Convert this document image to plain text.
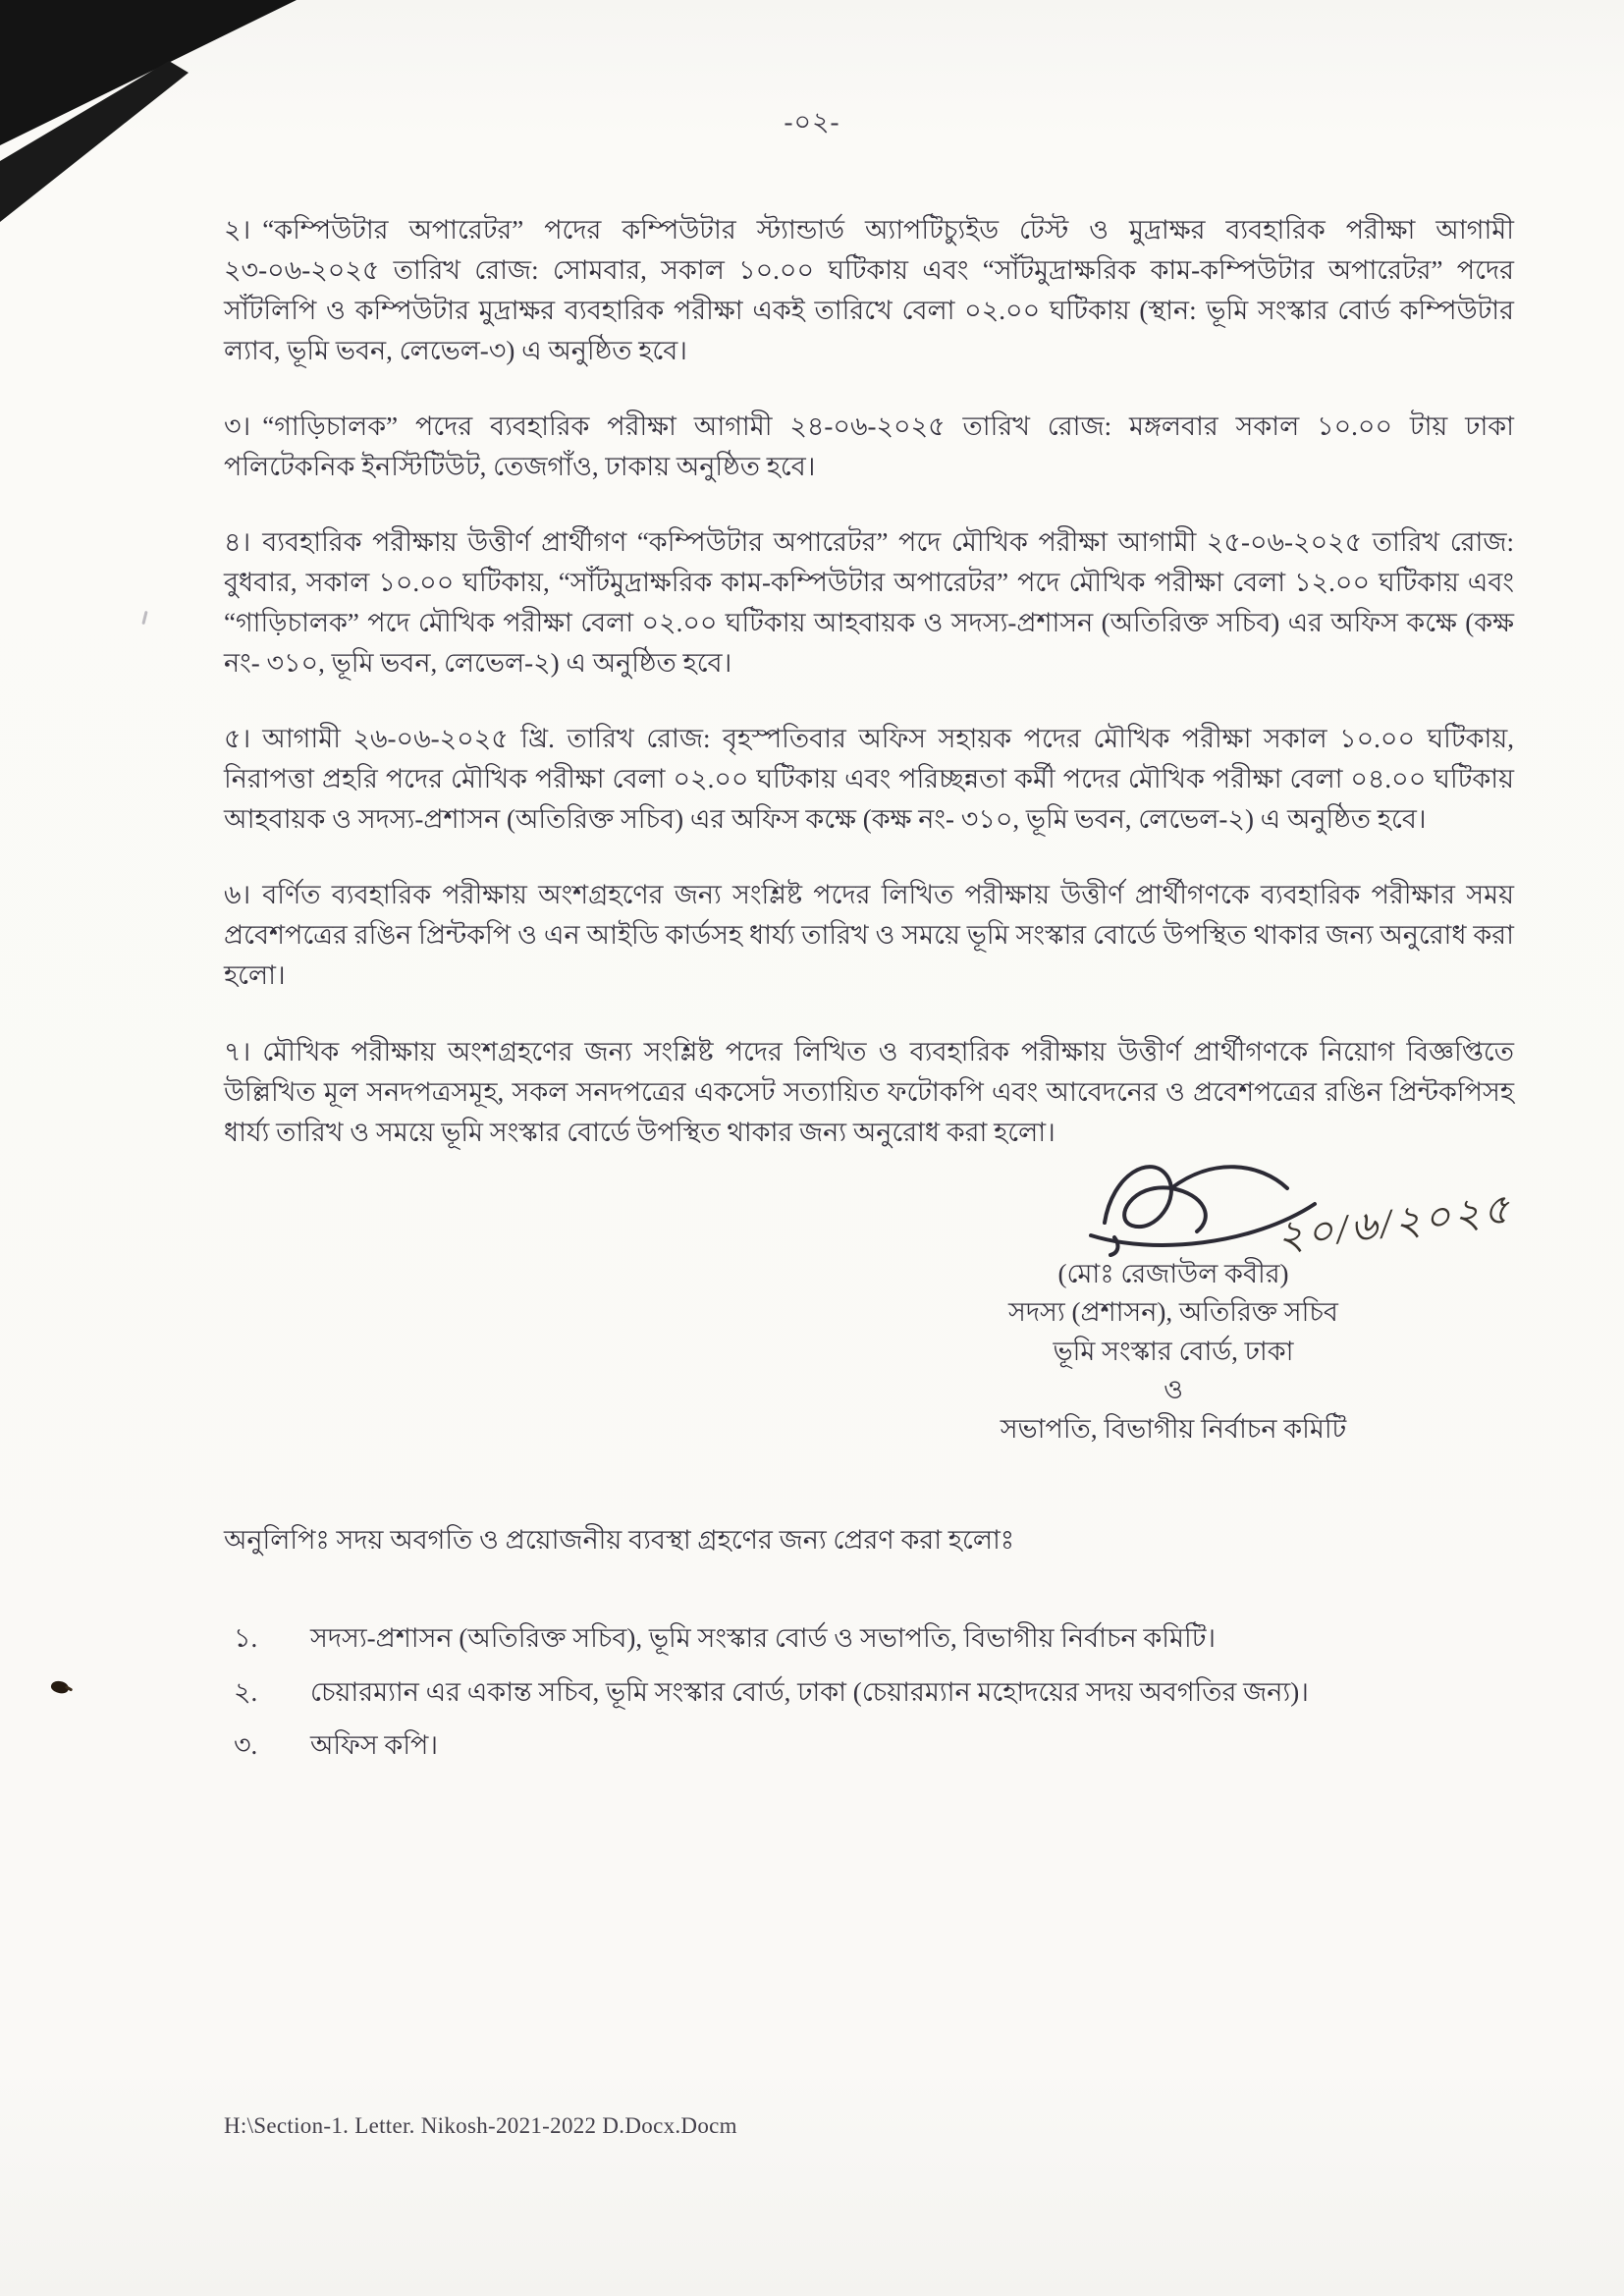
-০২-
২। “কম্পিউটার অপারেটর” পদের কম্পিউটার স্ট্যান্ডার্ড অ্যাপটিচ্যুইড টেস্ট ও মুদ্রাক্ষর ব্যবহারিক পরীক্ষা আগামী ২৩-০৬-২০২৫ তারিখ রোজ: সোমবার, সকাল ১০.০০ ঘটিকায় এবং “সাঁটমুদ্রাক্ষরিক কাম-কম্পিউটার অপারেটর” পদের সাঁটলিপি ও কম্পিউটার মুদ্রাক্ষর ব্যবহারিক পরীক্ষা একই তারিখে বেলা ০২.০০ ঘটিকায় (স্থান: ভূমি সংস্কার বোর্ড কম্পিউটার ল্যাব, ভূমি ভবন, লেভেল-৩) এ অনুষ্ঠিত হবে।
৩। “গাড়িচালক” পদের ব্যবহারিক পরীক্ষা আগামী ২৪-০৬-২০২৫ তারিখ রোজ: মঙ্গলবার সকাল ১০.০০ টায় ঢাকা পলিটেকনিক ইনস্টিটিউট, তেজগাঁও, ঢাকায় অনুষ্ঠিত হবে।
৪। ব্যবহারিক পরীক্ষায় উত্তীর্ণ প্রার্থীগণ “কম্পিউটার অপারেটর” পদে মৌখিক পরীক্ষা আগামী ২৫-০৬-২০২৫ তারিখ রোজ: বুধবার, সকাল ১০.০০ ঘটিকায়, “সাঁটমুদ্রাক্ষরিক কাম-কম্পিউটার অপারেটর” পদে মৌখিক পরীক্ষা বেলা ১২.০০ ঘটিকায় এবং “গাড়িচালক” পদে মৌখিক পরীক্ষা বেলা ০২.০০ ঘটিকায় আহবায়ক ও সদস্য-প্রশাসন (অতিরিক্ত সচিব) এর অফিস কক্ষে (কক্ষ নং- ৩১০, ভূমি ভবন, লেভেল-২) এ অনুষ্ঠিত হবে।
৫। আগামী ২৬-০৬-২০২৫ খ্রি. তারিখ রোজ: বৃহস্পতিবার অফিস সহায়ক পদের মৌখিক পরীক্ষা সকাল ১০.০০ ঘটিকায়, নিরাপত্তা প্রহরি পদের মৌখিক পরীক্ষা বেলা ০২.০০ ঘটিকায় এবং পরিচ্ছন্নতা কর্মী পদের মৌখিক পরীক্ষা বেলা ০৪.০০ ঘটিকায় আহবায়ক ও সদস্য-প্রশাসন (অতিরিক্ত সচিব) এর অফিস কক্ষে (কক্ষ নং- ৩১০, ভূমি ভবন, লেভেল-২) এ অনুষ্ঠিত হবে।
৬। বর্ণিত ব্যবহারিক পরীক্ষায় অংশগ্রহণের জন্য সংশ্লিষ্ট পদের লিখিত পরীক্ষায় উত্তীর্ণ প্রার্থীগণকে ব্যবহারিক পরীক্ষার সময় প্রবেশপত্রের রঙিন প্রিন্টকপি ও এন আইডি কার্ডসহ ধার্য্য তারিখ ও সময়ে ভূমি সংস্কার বোর্ডে উপস্থিত থাকার জন্য অনুরোধ করা হলো।
৭। মৌখিক পরীক্ষায় অংশগ্রহণের জন্য সংশ্লিষ্ট পদের লিখিত ও ব্যবহারিক পরীক্ষায় উত্তীর্ণ প্রার্থীগণকে নিয়োগ বিজ্ঞপ্তিতে উল্লিখিত মূল সনদপত্রসমূহ, সকল সনদপত্রের একসেট সত্যায়িত ফটোকপি এবং আবেদনের ও প্রবেশপত্রের রঙিন প্রিন্টকপিসহ ধার্য্য তারিখ ও সময়ে ভূমি সংস্কার বোর্ডে উপস্থিত থাকার জন্য অনুরোধ করা হলো।
২০/৬/২০২৫
(মোঃ রেজাউল কবীর)
সদস্য (প্রশাসন), অতিরিক্ত সচিব
ভূমি সংস্কার বোর্ড, ঢাকা
ও
সভাপতি, বিভাগীয় নির্বাচন কমিটি
অনুলিপিঃ সদয় অবগতি ও প্রয়োজনীয় ব্যবস্থা গ্রহণের জন্য প্রেরণ করা হলোঃ
১.	সদস্য-প্রশাসন (অতিরিক্ত সচিব), ভূমি সংস্কার বোর্ড ও সভাপতি, বিভাগীয় নির্বাচন কমিটি।
২.	চেয়ারম্যান এর একান্ত সচিব, ভূমি সংস্কার বোর্ড, ঢাকা (চেয়ারম্যান মহোদয়ের সদয় অবগতির জন্য)।
৩.	অফিস কপি।
H:\Section-1. Letter. Nikosh-2021-2022 D.Docx.Docm
